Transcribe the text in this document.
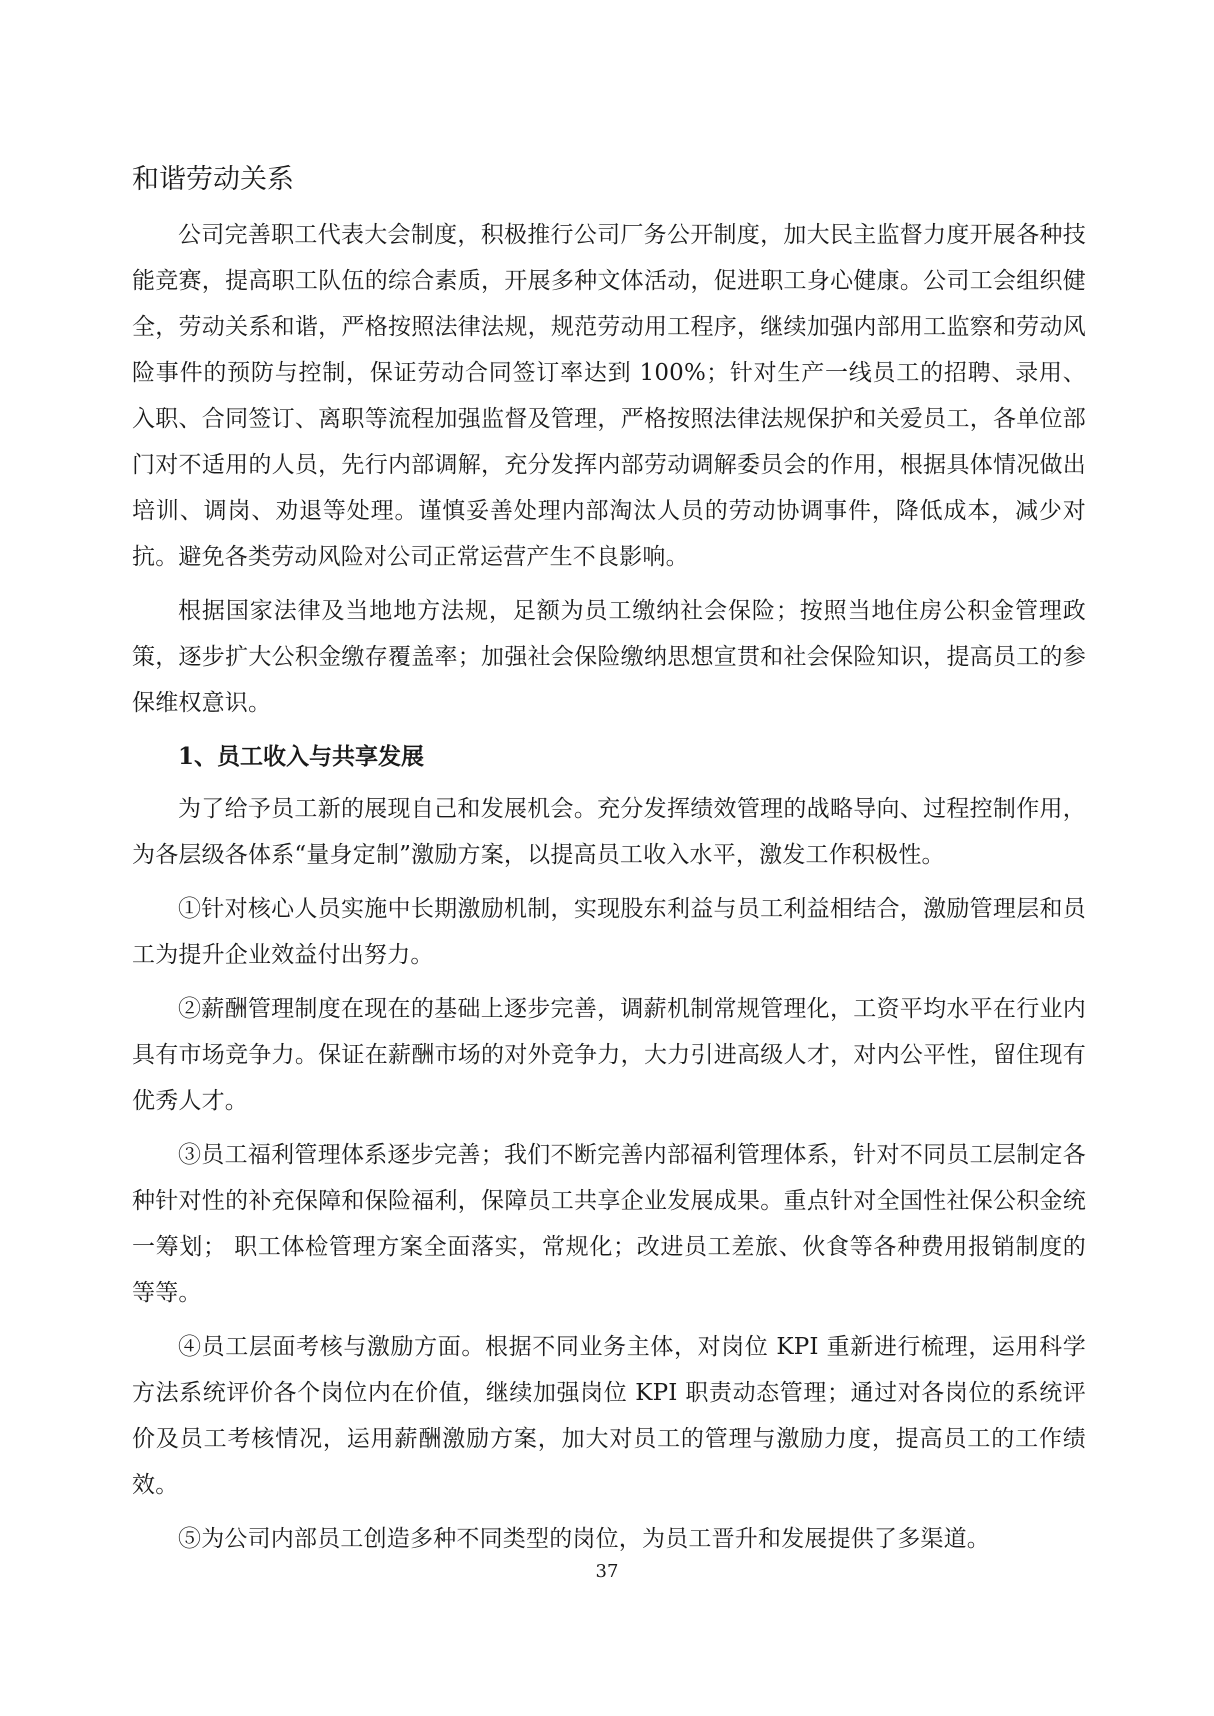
和谐劳动关系

公司完善职工代表大会制度，积极推行公司厂务公开制度，加大民主监督力度开展各种技能竞赛，提高职工队伍的综合素质，开展多种文体活动，促进职工身心健康。公司工会组织健全，劳动关系和谐，严格按照法律法规，规范劳动用工程序，继续加强内部用工监察和劳动风险事件的预防与控制，保证劳动合同签订率达到 100%；针对生产一线员工的招聘、录用、入职、合同签订、离职等流程加强监督及管理，严格按照法律法规保护和关爱员工，各单位部门对不适用的人员，先行内部调解，充分发挥内部劳动调解委员会的作用，根据具体情况做出培训、调岗、劝退等处理。谨慎妥善处理内部淘汰人员的劳动协调事件，降低成本，减少对抗。避免各类劳动风险对公司正常运营产生不良影响。

根据国家法律及当地地方法规，足额为员工缴纳社会保险；按照当地住房公积金管理政策，逐步扩大公积金缴存覆盖率；加强社会保险缴纳思想宣贯和社会保险知识，提高员工的参保维权意识。

1、员工收入与共享发展

为了给予员工新的展现自己和发展机会。充分发挥绩效管理的战略导向、过程控制作用，为各层级各体系“量身定制”激励方案，以提高员工收入水平，激发工作积极性。

①针对核心人员实施中长期激励机制，实现股东利益与员工利益相结合，激励管理层和员工为提升企业效益付出努力。

②薪酬管理制度在现在的基础上逐步完善，调薪机制常规管理化，工资平均水平在行业内具有市场竞争力。保证在薪酬市场的对外竞争力，大力引进高级人才，对内公平性，留住现有优秀人才。

③员工福利管理体系逐步完善；我们不断完善内部福利管理体系，针对不同员工层制定各种针对性的补充保障和保险福利，保障员工共享企业发展成果。重点针对全国性社保公积金统一筹划； 职工体检管理方案全面落实，常规化；改进员工差旅、伙食等各种费用报销制度的等等。

④员工层面考核与激励方面。根据不同业务主体，对岗位 KPI 重新进行梳理，运用科学方法系统评价各个岗位内在价值，继续加强岗位 KPI 职责动态管理；通过对各岗位的系统评价及员工考核情况，运用薪酬激励方案，加大对员工的管理与激励力度，提高员工的工作绩效。

⑤为公司内部员工创造多种不同类型的岗位，为员工晋升和发展提供了多渠道。

37
